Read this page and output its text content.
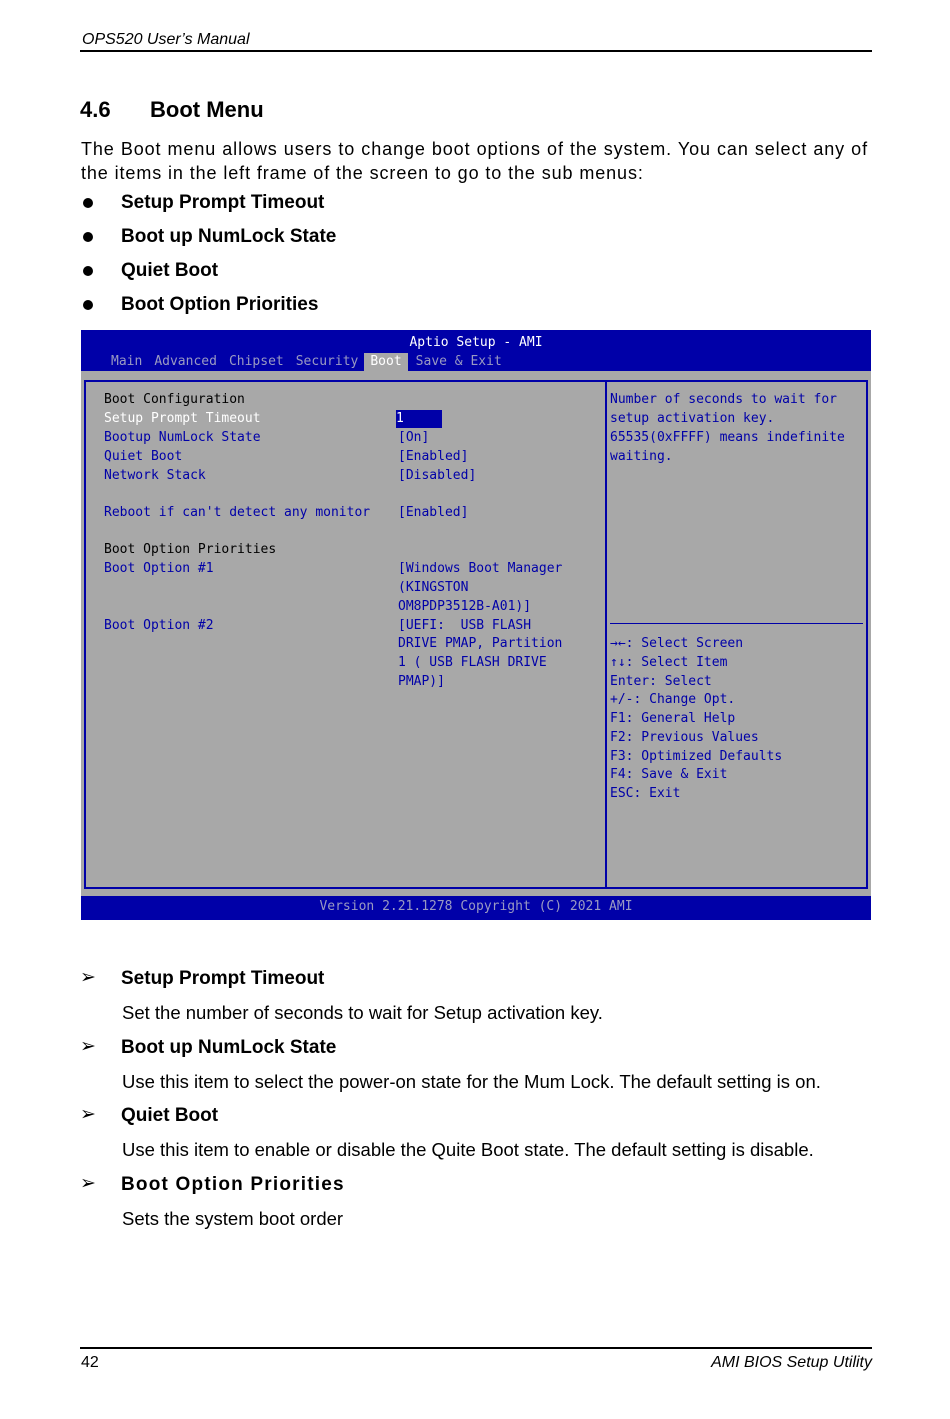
OPS520 User’s Manual
4.6 Boot Menu
The Boot menu allows users to change boot options of the system. You can select any of the items in the left frame of the screen to go to the sub menus:
Setup Prompt Timeout
Boot up NumLock State
Quiet Boot
Boot Option Priorities
Aptio Setup - AMI
Main Advanced Chipset Security Boot	Save & Exit
Boot Configuration
Setup Prompt Timeout	1
Bootup NumLock State	[On]
Quiet Boot	[Enabled]
Network Stack	[Disabled]
Reboot if can't detect any monitor [Enabled]
Boot Option Priorities
Boot Option #1	[Windows Boot Manager
(KINGSTON
OM8PDP3512B-A01)]
Boot Option #2	[UEFI:  USB FLASH
DRIVE PMAP, Partition
1 ( USB FLASH DRIVE
PMAP)]
Number of seconds to wait for
setup activation key.
65535(0xFFFF) means indefinite
waiting.
→←: Select Screen
↑↓: Select Item
Enter: Select
+/-: Change Opt.
F1: General Help
F2: Previous Values
F3: Optimized Defaults
F4: Save & Exit
ESC: Exit
Version 2.21.1278 Copyright (C) 2021 AMI
➢ Setup Prompt Timeout
Set the number of seconds to wait for Setup activation key.
➢ Boot up NumLock State
Use this item to select the power-on state for the Mum Lock. The default setting is on.
➢ Quiet Boot
Use this item to enable or disable the Quite Boot state. The default setting is disable.
➢ Boot Option Priorities
Sets the system boot order
42	AMI BIOS Setup Utility
